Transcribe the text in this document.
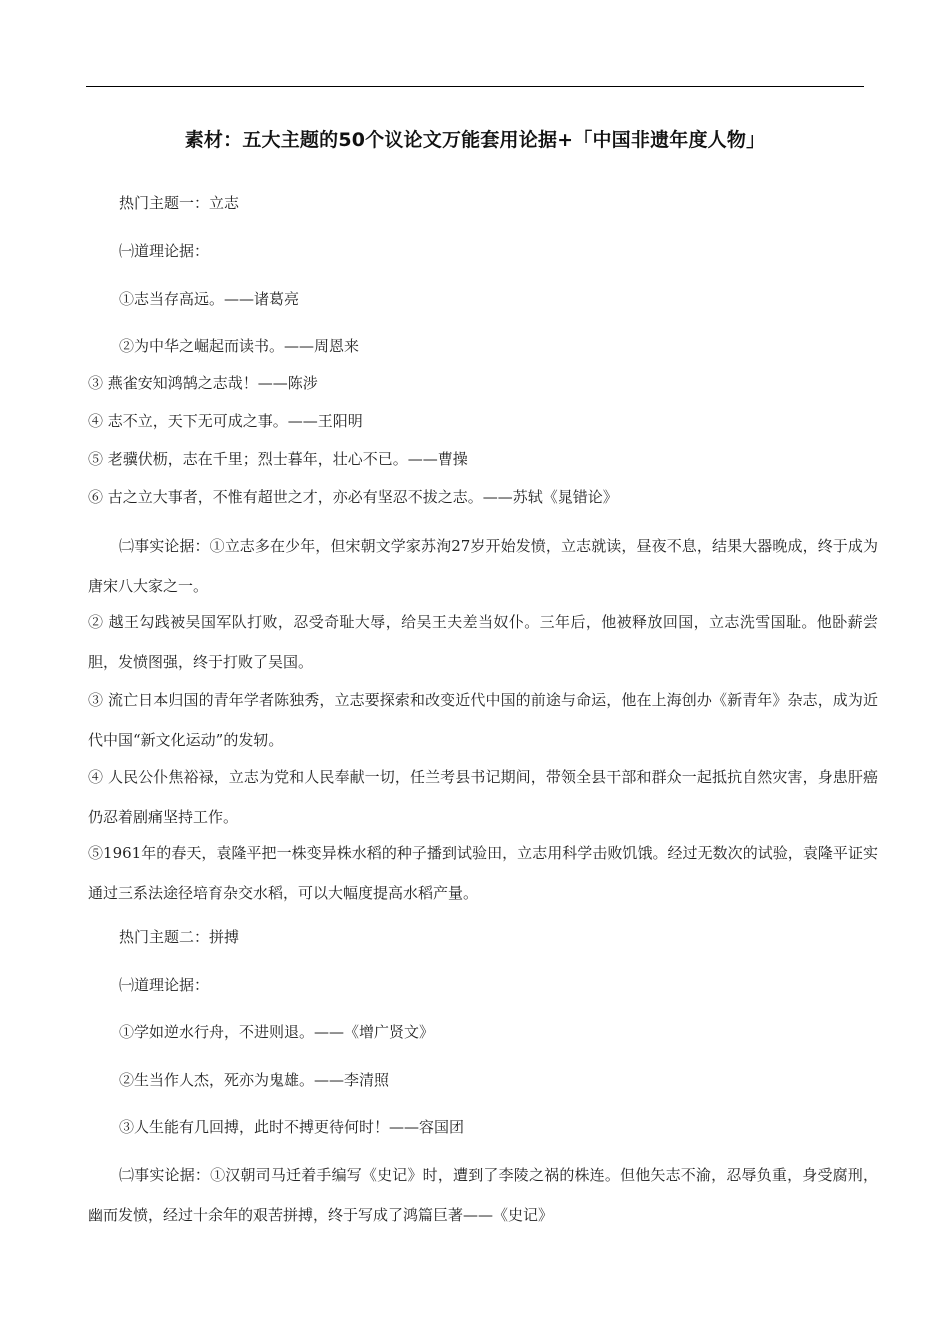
素材：五大主题的50个议论文万能套用论据+「中国非遗年度人物」
热门主题一：立志
㈠道理论据：
①志当存高远。——诸葛亮
②为中华之崛起而读书。——周恩来
③ 燕雀安知鸿鹄之志哉！——陈涉
④ 志不立，天下无可成之事。——王阳明
⑤ 老骥伏枥，志在千里；烈士暮年，壮心不已。——曹操
⑥ 古之立大事者，不惟有超世之才，亦必有坚忍不拔之志。——苏轼《晁错论》
㈡事实论据：①立志多在少年，但宋朝文学家苏洵27岁开始发愤，立志就读，昼夜不息，结果大器晚成，终于成为唐宋八大家之一。
② 越王勾践被吴国军队打败，忍受奇耻大辱，给吴王夫差当奴仆。三年后，他被释放回国，立志洗雪国耻。他卧薪尝胆，发愤图强，终于打败了吴国。
③ 流亡日本归国的青年学者陈独秀，立志要探索和改变近代中国的前途与命运，他在上海创办《新青年》杂志，成为近代中国“新文化运动”的发轫。
④ 人民公仆焦裕禄，立志为党和人民奉献一切，任兰考县书记期间，带领全县干部和群众一起抵抗自然灾害，身患肝癌仍忍着剧痛坚持工作。
⑤1961年的春天，袁隆平把一株变异株水稻的种子播到试验田，立志用科学击败饥饿。经过无数次的试验，袁隆平证实通过三系法途径培育杂交水稻，可以大幅度提高水稻产量。
热门主题二：拼搏
㈠道理论据：
①学如逆水行舟，不进则退。——《增广贤文》
②生当作人杰，死亦为鬼雄。——李清照
③人生能有几回搏，此时不搏更待何时！——容国团
㈡事实论据：①汉朝司马迁着手编写《史记》时，遭到了李陵之祸的株连。但他矢志不渝，忍辱负重，身受腐刑，幽而发愤，经过十余年的艰苦拼搏，终于写成了鸿篇巨著——《史记》
